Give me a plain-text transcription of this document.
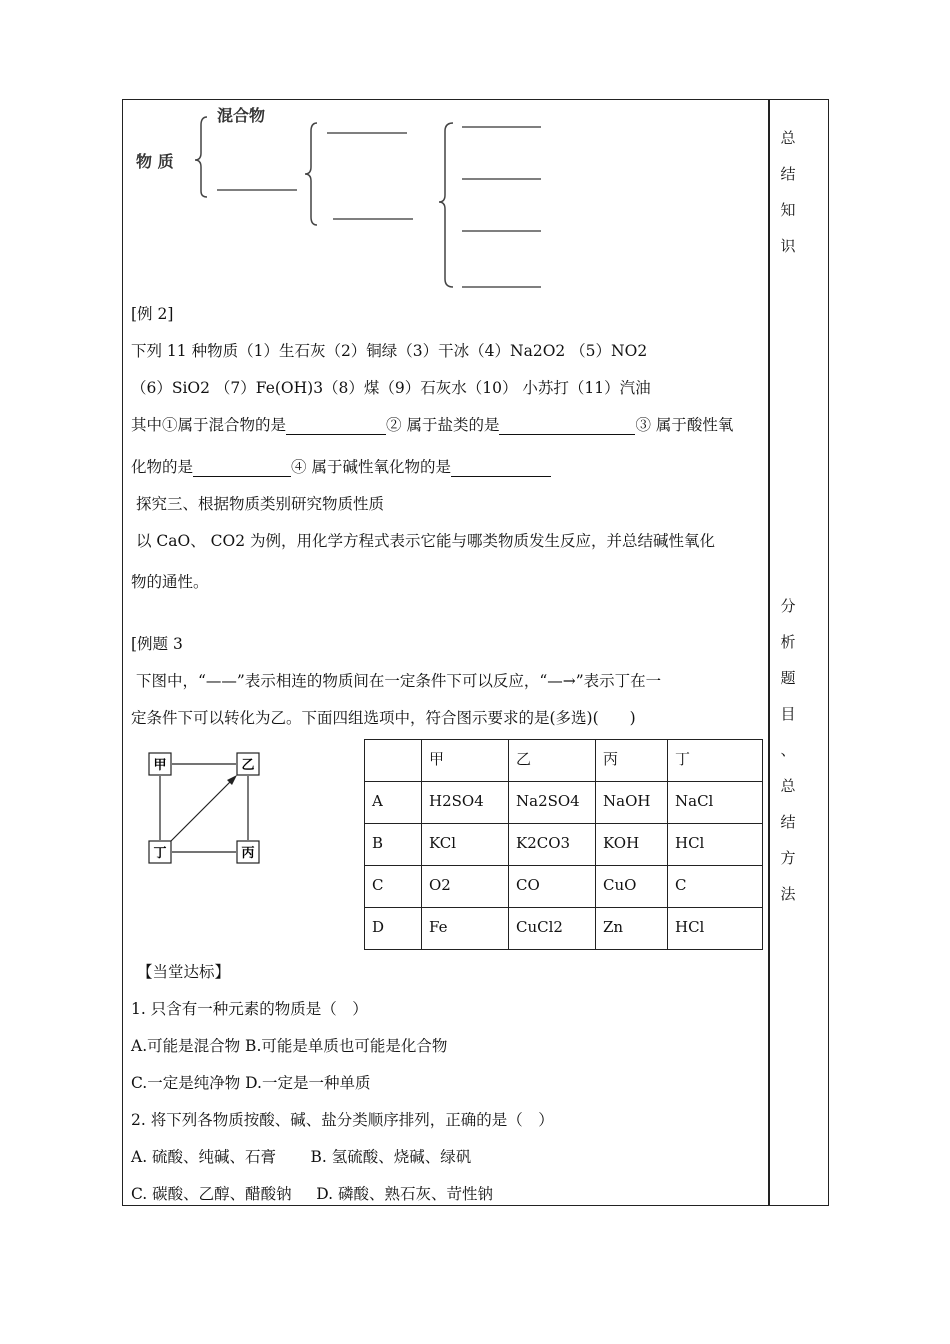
总
结
知
识
分
析
题
目
、
总
结
方
法
混合物
物 质
[例 2]
下列 11 种物质（1）生石灰（2）铜绿（3）干冰（4）Na2O2 （5）NO2
（6）SiO2 （7）Fe(OH)3（8）煤（9）石灰水（10） 小苏打（11）汽油
其中①属于混合物的是	② 属于盐类的是	③ 属于酸性氧
化物的是	④ 属于碱性氧化物的是
探究三、根据物质类别研究物质性质
以 CaO、 CO2 为例，用化学方程式表示它能与哪类物质发生反应，并总结碱性氧化
物的通性。
[例题 3
下图中，“——”表示相连的物质间在一定条件下可以反应，“—→”表示丁在一
定条件下可以转化为乙。下面四组选项中，符合图示要求的是(多选)(　　)
甲	乙
丁	丙
	甲	乙	丙	丁
A	H2SO4	Na2SO4	NaOH	NaCl
B	KCl	K2CO3	KOH	HCl
C	O2	CO	CuO	C
D	Fe	CuCl2	Zn	HCl
【当堂达标】
1. 只含有一种元素的物质是（　）
A.可能是混合物 B.可能是单质也可能是化合物
C.一定是纯净物 D.一定是一种单质
2. 将下列各物质按酸、碱、盐分类顺序排列，正确的是（　）
A. 硫酸、纯碱、石膏       B. 氢硫酸、烧碱、绿矾
C. 碳酸、乙醇、醋酸钠     D. 磷酸、熟石灰、苛性钠
